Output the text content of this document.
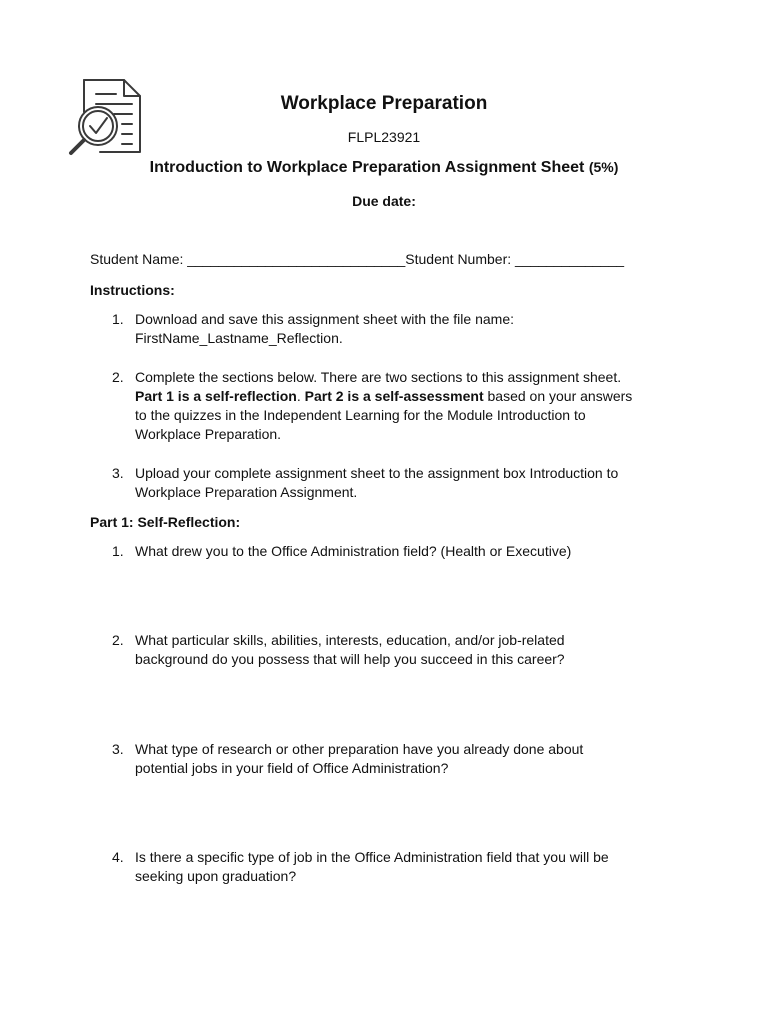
Workplace Preparation
FLPL23921
Introduction to Workplace Preparation Assignment Sheet (5%)
Due date:
Student Name: ____________________________Student Number: ______________
Instructions:
1. Download and save this assignment sheet with the file name:
FirstName_Lastname_Reflection.
2. Complete the sections below. There are two sections to this assignment sheet.
Part 1 is a self-reflection. Part 2 is a self-assessment based on your answers
to the quizzes in the Independent Learning for the Module Introduction to
Workplace Preparation.
3. Upload your complete assignment sheet to the assignment box Introduction to
Workplace Preparation Assignment.
Part 1: Self-Reflection:
1. What drew you to the Office Administration field? (Health or Executive)
2. What particular skills, abilities, interests, education, and/or job-related
background do you possess that will help you succeed in this career?
3. What type of research or other preparation have you already done about
potential jobs in your field of Office Administration?
4. Is there a specific type of job in the Office Administration field that you will be
seeking upon graduation?
